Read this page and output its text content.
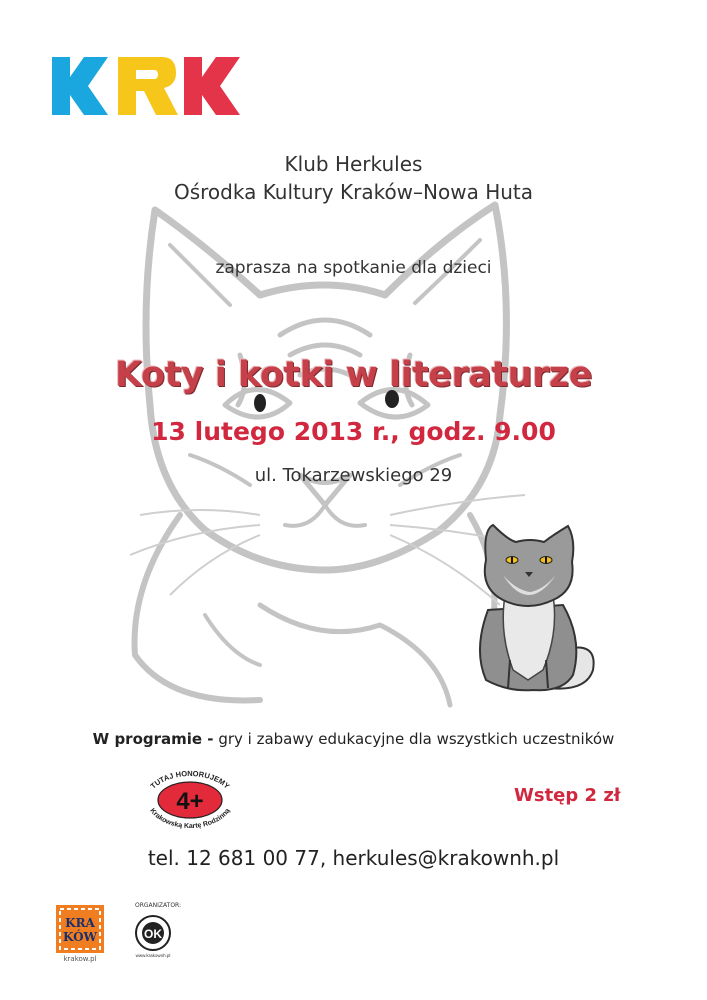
Klub Herkules
Ośrodka Kultury Kraków–Nowa Huta
zaprasza na spotkanie dla dzieci
Koty i kotki w literaturze
13 lutego 2013 r., godz. 9.00
ul. Tokarzewskiego 29
W programie - gry i zabawy edukacyjne dla wszystkich uczestników
TUTAJ HONORUJEMY
4+
Krakowską Kartę Rodzinną
Wstęp 2 zł
tel. 12 681 00 77, herkules@krakownh.pl
KRA
KÓW
krakow.pl
ORGANIZATOR:
OK
www.krakownh.pl
